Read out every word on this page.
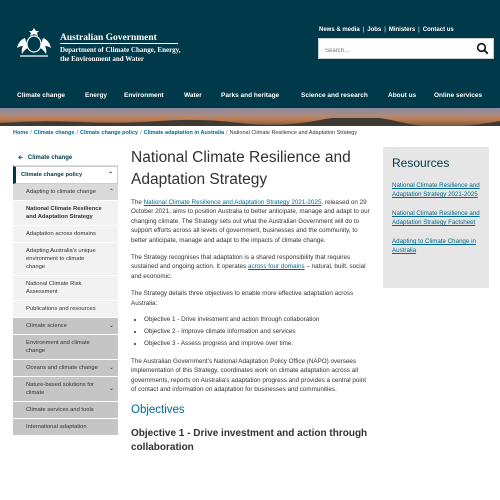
Australian Government
Department of Climate Change, Energy, the Environment and Water
News & media | Jobs | Ministers | Contact us
Search...
Climate change	Energy	Environment	Water	Parks and heritage	Science and research	About us	Online services
Home / Climate change / Climate change policy / Climate adaptation in Australia / National Climate Resilience and Adaptation Strategy
🡨 Climate change
Climate change policy	⌃
Adapting to climate change ⌃
National Climate Resilience and Adaptation Strategy
Adaptation across domains
Adapting Australia's unique environment to climate change
National Climate Risk Assessment
Publications and resources
Climate science	⌄
Environment and climate change
Oceans and climate change ⌄
Nature-based solutions for climate
⌄
Climate services and tools
International adaptation
National Climate Resilience and Adaptation Strategy

The National Climate Resilience and Adaptation Strategy 2021-2025, released on 29 October 2021, aims to position Australia to better anticipate, manage and adapt to our changing climate. The Strategy sets out what the Australian Government will do to support efforts across all levels of government, businesses and the community, to better anticipate, manage and adapt to the impacts of climate change.

The Strategy recognises that adaptation is a shared responsibility that requires sustained and ongoing action. It operates across four domains – natural, built, social and economic.

The Strategy details three objectives to enable more effective adaptation across Australia:

• Objective 1 - Drive investment and action through collaboration
• Objective 2 - Improve climate information and services
• Objective 3 - Assess progress and improve over time.

The Australian Government's National Adaptation Policy Office (NAPO) oversees implementation of this Strategy, coordinates work on climate adaptation across all governments, reports on Australia's adaptation progress and provides a central point of contact and information on adaptation for businesses and communities.

Objectives
Objective 1 - Drive investment and action through collaboration
Resources
National Climate Resilience and Adaptation Strategy 2021-2025
National Climate Resilience and Adaptation Strategy Factsheet
Adapting to Climate Change in Australia
